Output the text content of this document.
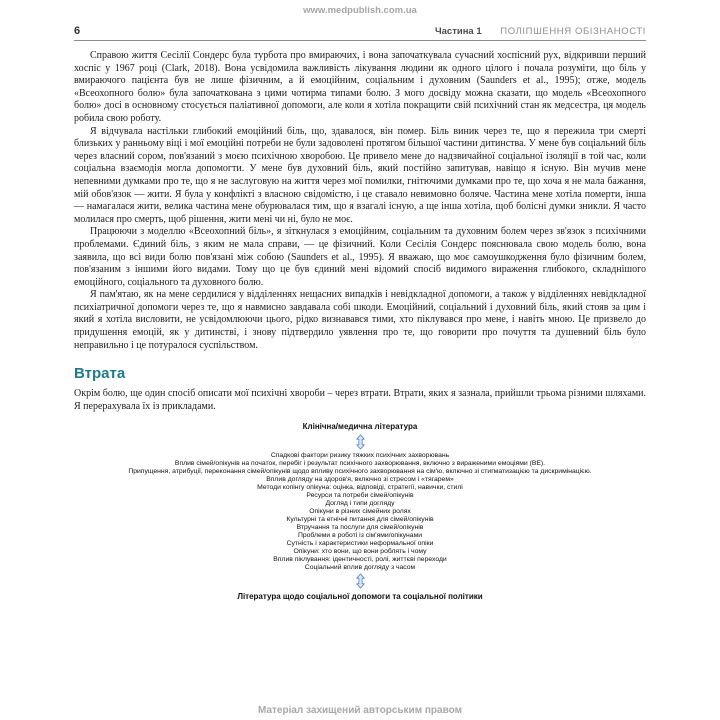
www.medpublish.com.ua
6	Частина 1 ПОЛІПШЕННЯ ОБІЗНАНОСТІ

Справою життя Сесілії Сондерс була турбота про вмираючих, і вона започаткувала сучасний хоспісний рух, відкривши перший хоспіс у 1967 році (Clark, 2018). Вона усвідомила важливість лікування людини як одного цілого і почала розуміти, що біль у вмираючого пацієнта був не лише фізичним, а й емоційним, соціальним і духовним (Saunders et al., 1995); отже, модель «Всеохопного болю» була започаткована з цими чотирма типами болю. З мого досвіду можна сказати, що модель «Всеохопного болю» досі в основному стосується паліативної допомоги, але коли я хотіла покращити свій психічний стан як медсестра, ця модель робила свою роботу.

Я відчувала настільки глибокий емоційний біль, що, здавалося, він помер. Біль виник через те, що я пережила три смерті близьких у ранньому віці і мої емоційні потреби не були задоволені протягом більшої частини дитинства. У мене був соціальний біль через власний сором, пов'язаний з моєю психічною хворобою. Це привело мене до надзвичайної соціальної ізоляції в той час, коли соціальна взаємодія могла допомогти. У мене був духовний біль, який постійно запитував, навіщо я існую. Він мучив мене непевними думками про те, що я не заслуговую на життя через мої помилки, гнітючими думками про те, що хоча я не мала бажання, мій обов'язок — жити. Я була у конфлікті з власною свідомістю, і це ставало невимовно боляче. Частина мене хотіла померти, інша — намагалася жити, велика частина мене обурювалася тим, що я взагалі існую, а ще інша хотіла, щоб болісні думки зникли. Я часто молилася про смерть, щоб рішення, жити мені чи ні, було не моє.

Працюючи з моделлю «Всеохопний біль», я зіткнулася з емоційним, соціальним та духовним болем через зв'язок з психічними проблемами. Єдиний біль, з яким не мала справи, — це фізичний. Коли Сесілія Сондерс пояснювала свою модель болю, вона заявила, що всі види болю пов'язані між собою (Saunders et al., 1995). Я вважаю, що моє самоушкодження було фізичним болем, пов'язаним з іншими його видами. Тому що це був єдиний мені відомий спосіб видимого вираження глибокого, складнішого емоційного, соціального та духовного болю.

Я пам'ятаю, як на мене сердилися у відділеннях нещасних випадків і невідкладної допомоги, а також у відділеннях невідкладної психіатричної допомоги через те, що я навмисно завдавала собі шкоди. Емоційний, соціальний і духовний біль, який стояв за цим і який я хотіла висловити, не усвідомлюючи цього, рідко визнавався тими, хто піклувався про мене, і навіть мною. Це призвело до придушення емоцій, як у дитинстві, і знову підтвердило уявлення про те, що говорити про почуття та душевний біль було неправильно і це потуралося суспільством.

Втрата

Окрім болю, ще один спосіб описати мої психічні хвороби – через втрати. Втрати, яких я зазнала, прийшли трьома різними шляхами. Я перерахувала їх із прикладами.

Клінічна/медична література
Спадкові фактори ризику тяжких психічних захворювань
Вплив сімей/опікунів на початок, перебіг і результат психічного захворювання, включно з вираженими емоціями (ВЕ).
Припущення, атрибуції, переконання сімей/опікунів щодо впливу психічного захворювання на сім'ю, включно зі стигматизацією та дискримінацією.
Вплив догляду на здоров'я, включно зі стресом і «тягарем»
Методи копінгу опікуна: оцінка, відповіді, стратегії, навички, стилі
Ресурси та потреби сімей/опікунів
Догляд і типи догляду
Опікуни в різних сімейних ролях
Культурні та етнічні питання для сімей/опікунів
Втручання та послуги для сімей/опікунів
Проблеми в роботі із сім'ями/опікунами
Сутність і характеристики неформальної опіки
Опікуни: хто вони, що вони роблять і чому
Вплив піклування: ідентичності, ролі, життєві переходи
Соціальний вплив догляду з часом
Література щодо соціальної допомоги та соціальної політики
Матеріал захищений авторським правом
